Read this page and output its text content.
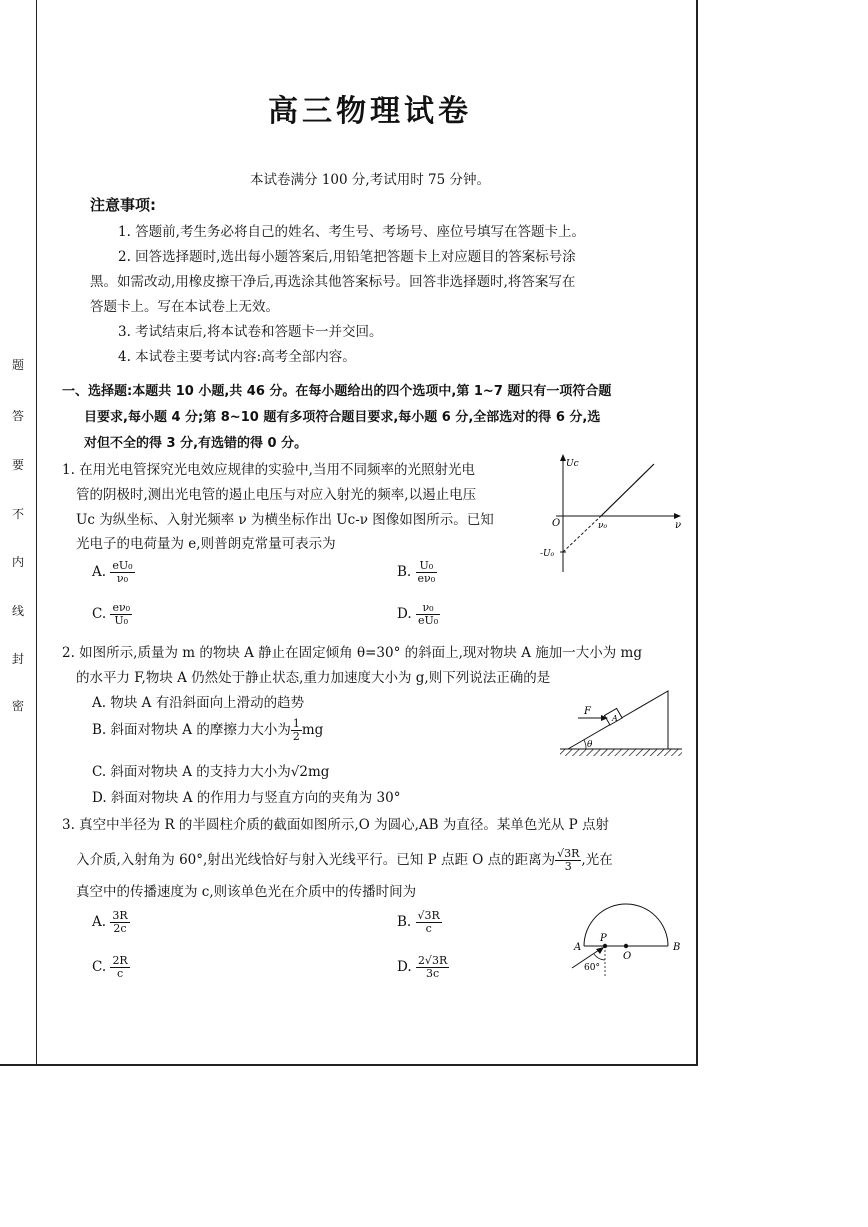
题
答
要
不
内
线
封
密
高三物理试卷
本试卷满分 100 分,考试用时 75 分钟。
注意事项:
1. 答题前,考生务必将自己的姓名、考生号、考场号、座位号填写在答题卡上。
2. 回答选择题时,选出每小题答案后,用铅笔把答题卡上对应题目的答案标号涂
黑。如需改动,用橡皮擦干净后,再选涂其他答案标号。回答非选择题时,将答案写在
答题卡上。写在本试卷上无效。
3. 考试结束后,将本试卷和答题卡一并交回。
4. 本试卷主要考试内容:高考全部内容。
一、选择题:本题共 10 小题,共 46 分。在每小题给出的四个选项中,第 1~7 题只有一项符合题
目要求,每小题 4 分;第 8~10 题有多项符合题目要求,每小题 6 分,全部选对的得 6 分,选
对但不全的得 3 分,有选错的得 0 分。
1. 在用光电管探究光电效应规律的实验中,当用不同频率的光照射光电
管的阴极时,测出光电管的遏止电压与对应入射光的频率,以遏止电压
Uc 为纵坐标、入射光频率 ν 为横坐标作出 Uc-ν 图像如图所示。已知
光电子的电荷量为 e,则普朗克常量可表示为
A. $\frac{\text{eU₀}}{\text{ν₀}}$	B. $\frac{\text{U₀}}{\text{eν₀}}$
C. $\frac{\text{eν₀}}{\text{U₀}}$	D. $\frac{\text{ν₀}}{\text{eU₀}}$
Uc
O	ν₀	ν
-U₀
2. 如图所示,质量为 m 的物块 A 静止在固定倾角 θ=30° 的斜面上,现对物块 A 施加一大小为 mg
的水平力 F,物块 A 仍然处于静止状态,重力加速度大小为 g,则下列说法正确的是
A. 物块 A 有沿斜面向上滑动的趋势
B. 斜面对物块 A 的摩擦力大小为 $\frac{1}{2}$ mg
C. 斜面对物块 A 的支持力大小为√2mg
D. 斜面对物块 A 的作用力与竖直方向的夹角为 30°
F
A
θ
3. 真空中半径为 R 的半圆柱介质的截面如图所示,O 为圆心,AB 为直径。某单色光从 P 点射
入介质,入射角为 60°,射出光线恰好与射入光线平行。已知 P 点距 O 点的距离为 $\frac{√3R}{3}$ ,光在
真空中的传播速度为 c,则该单色光在介质中的传播时间为
A. $\frac{3R}{2c}$	B. $\frac{√3R}{c}$
C. $\frac{2R}{c}$	D. $\frac{2√3R}{3c}$
A
P
O
B
60°
